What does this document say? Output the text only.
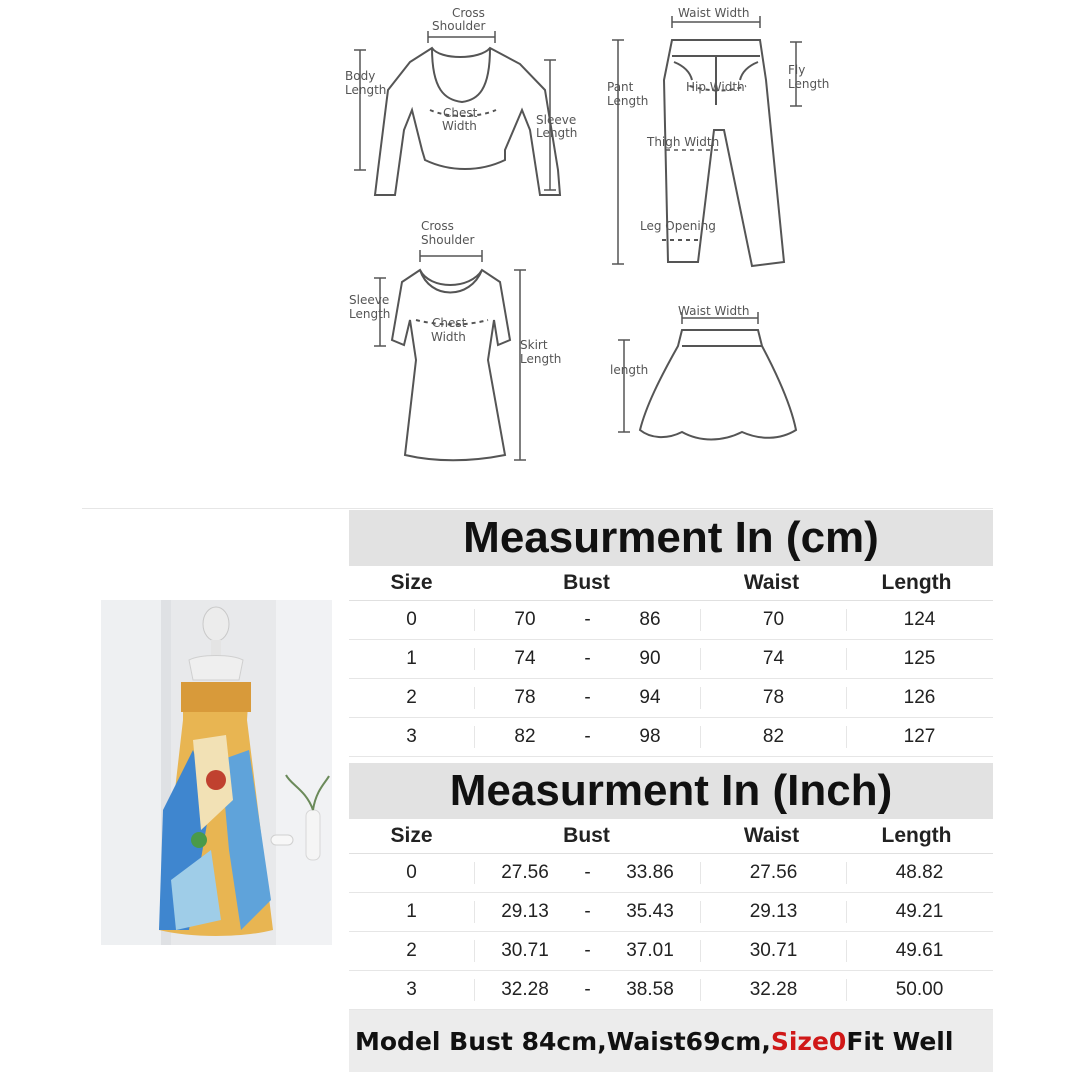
Cross
Shoulder
Body
Length
Chest
Width	Sleeve
Length
Waist Width
Pant
Length
Fly
Length
Hip Width
Thigh Width
Leg Opening
Cross
Shoulder
Sleeve
Length
Chest
Width
Skirt
Length
Waist Width
length
Measurment In (cm)
Size	Bust	Waist	Length
0	70	-	86	70	124
1	74	-	90	74	125
2	78	-	94	78	126
3	82	-	98	82	127
Measurment In (Inch)
Size	Bust	Waist	Length
0	27.56	-	33.86	27.56	48.82
1	29.13	-	35.43	29.13	49.21
2	30.71	-	37.01	30.71	49.61
3	32.28	-	38.58	32.28	50.00
Model Bust 84cm,Waist69cm, Size0 Fit Well
